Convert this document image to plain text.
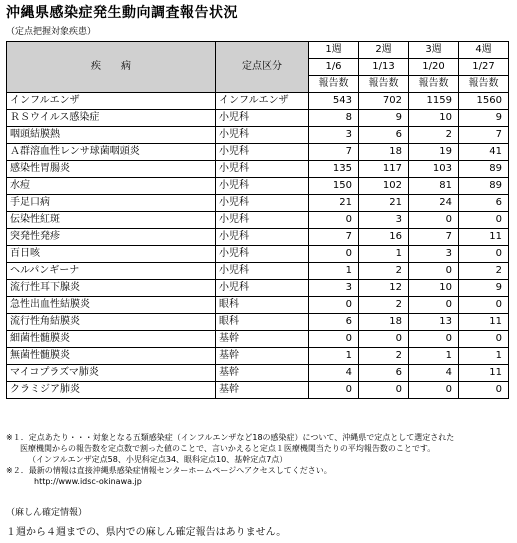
沖縄県感染症発生動向調査報告状況
（定点把握対象疾患）
疾　　病	定点区分	1週	2週	3週	4週
		1/6	1/13	1/20	1/27
		報告数	報告数	報告数	報告数
インフルエンザ	インフルエンザ	543	702	1159	1560
ＲＳウイルス感染症	小児科	8	9	10	9
咽頭結膜熱	小児科	3	6	2	7
Ａ群溶血性レンサ球菌咽頭炎	小児科	7	18	19	41
感染性胃腸炎	小児科	135	117	103	89
水痘	小児科	150	102	81	89
手足口病	小児科	21	21	24	6
伝染性紅斑	小児科	0	3	0	0
突発性発疹	小児科	7	16	7	11
百日咳	小児科	0	1	3	0
ヘルパンギーナ	小児科	1	2	0	2
流行性耳下腺炎	小児科	3	12	10	9
急性出血性結膜炎	眼科	0	2	0	0
流行性角結膜炎	眼科	6	18	13	11
細菌性髄膜炎	基幹	0	0	0	0
無菌性髄膜炎	基幹	1	2	1	1
マイコプラズマ肺炎	基幹	4	6	4	11
クラミジア肺炎	基幹	0	0	0	0
※１．定点あたり・・・対象となる五類感染症（インフルエンザなど18の感染症）について、沖縄県で定点として選定された
医療機関からの報告数を定点数で割った値のことで、言いかえると定点１医療機関当たりの平均報告数のことです。
（インフルエンザ定点58、小児科定点34、眼科定点10、基幹定点7点）
※２．最新の情報は直接沖縄県感染症情報センターホームページへアクセスしてください。
http://www.idsc-okinawa.jp
（麻しん確定情報）
１週から４週までの、県内での麻しん確定報告はありません。
